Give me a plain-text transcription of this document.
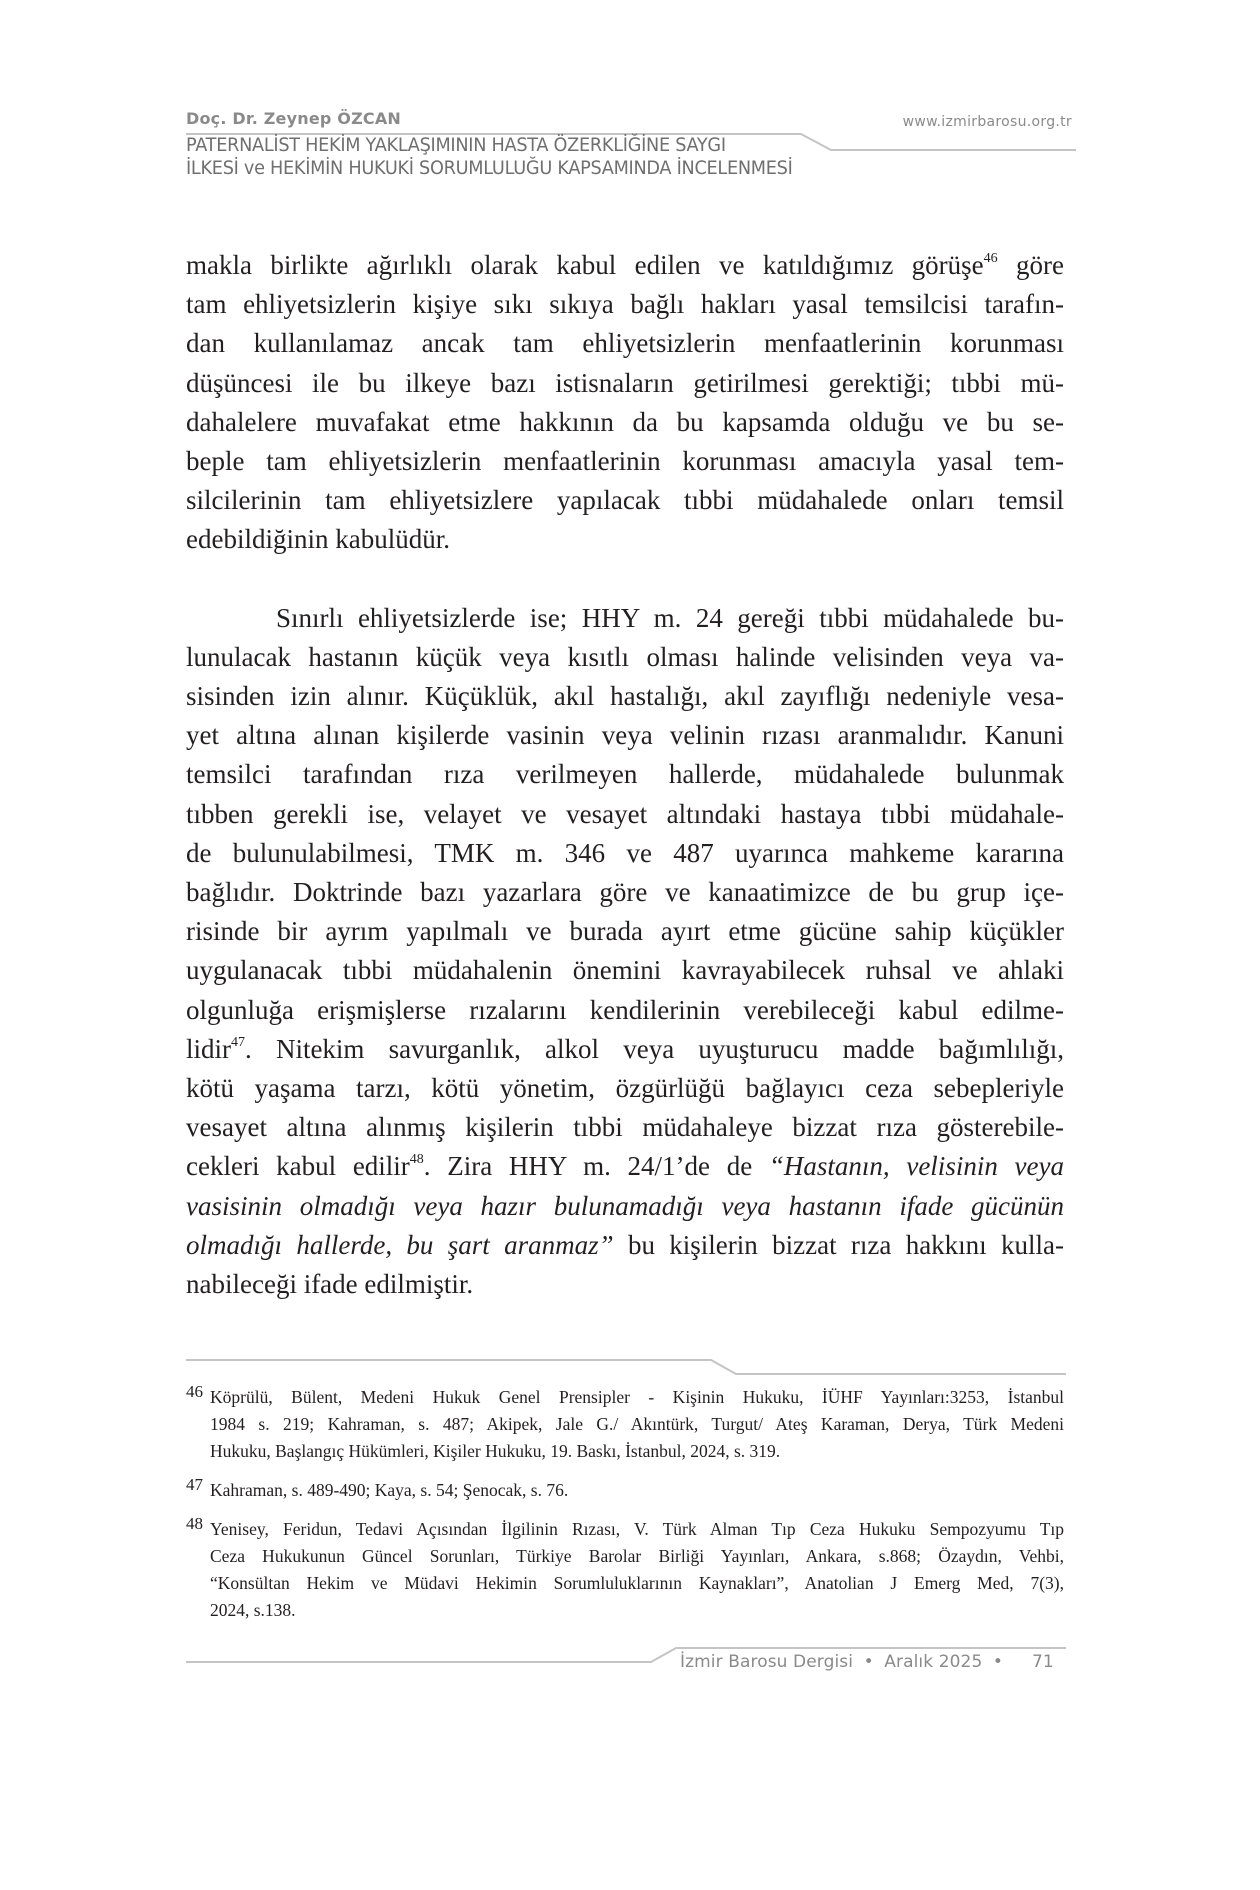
Doç. Dr. Zeynep ÖZCAN	www.izmirbarosu.org.tr
PATERNALİST HEKİM YAKLAŞIMININ HASTA ÖZERKLİĞİNE SAYGI
İLKESİ ve HEKİMİN HUKUKİ SORUMLULUĞU KAPSAMINDA İNCELENMESİ

makla birlikte ağırlıklı olarak kabul edilen ve katıldığımız görüşe$^{46}$ göre
tam ehliyetsizlerin kişiye sıkı sıkıya bağlı hakları yasal temsilcisi tarafın-
dan kullanılamaz ancak tam ehliyetsizlerin menfaatlerinin korunması
düşüncesi ile bu ilkeye bazı istisnaların getirilmesi gerektiği; tıbbi mü-
dahalelere muvafakat etme hakkının da bu kapsamda olduğu ve bu se-
beple tam ehliyetsizlerin menfaatlerinin korunması amacıyla yasal tem-
silcilerinin tam ehliyetsizlere yapılacak tıbbi müdahalede onları temsil
edebildiğinin kabulüdür.

Sınırlı ehliyetsizlerde ise; HHY m. 24 gereği tıbbi müdahalede bu-
lunulacak hastanın küçük veya kısıtlı olması halinde velisinden veya va-
sisinden izin alınır. Küçüklük, akıl hastalığı, akıl zayıflığı nedeniyle vesa-
yet altına alınan kişilerde vasinin veya velinin rızası aranmalıdır. Kanuni
temsilci tarafından rıza verilmeyen hallerde, müdahalede bulunmak
tıbben gerekli ise, velayet ve vesayet altındaki hastaya tıbbi müdahale-
de bulunulabilmesi, TMK m. 346 ve 487 uyarınca mahkeme kararına
bağlıdır. Doktrinde bazı yazarlara göre ve kanaatimizce de bu grup içe-
risinde bir ayrım yapılmalı ve burada ayırt etme gücüne sahip küçükler
uygulanacak tıbbi müdahalenin önemini kavrayabilecek ruhsal ve ahlaki
olgunluğa erişmişlerse rızalarını kendilerinin verebileceği kabul edilme-
lidir$^{47}$. Nitekim savurganlık, alkol veya uyuşturucu madde bağımlılığı,
kötü yaşama tarzı, kötü yönetim, özgürlüğü bağlayıcı ceza sebepleriyle
vesayet altına alınmış kişilerin tıbbi müdahaleye bizzat rıza gösterebile-
cekleri kabul edilir$^{48}$. Zira HHY m. 24/1’de de “Hastanın, velisinin veya
vasisinin olmadığı veya hazır bulunamadığı veya hastanın ifade gücünün
olmadığı hallerde, bu şart aranmaz” bu kişilerin bizzat rıza hakkını kulla-
nabileceği ifade edilmiştir.

46 Köprülü, Bülent, Medeni Hukuk Genel Prensipler - Kişinin Hukuku, İÜHF Yayınları:3253, İstanbul
1984 s. 219; Kahraman, s. 487; Akipek, Jale G./ Akıntürk, Turgut/ Ateş Karaman, Derya, Türk Medeni
Hukuku, Başlangıç Hükümleri, Kişiler Hukuku, 19. Baskı, İstanbul, 2024, s. 319.
47 Kahraman, s. 489-490; Kaya, s. 54; Şenocak, s. 76.
48 Yenisey, Feridun, Tedavi Açısından İlgilinin Rızası, V. Türk Alman Tıp Ceza Hukuku Sempozyumu Tıp
Ceza Hukukunun Güncel Sorunları, Türkiye Barolar Birliği Yayınları, Ankara, s.868; Özaydın, Vehbi,
“Konsültan Hekim ve Müdavi Hekimin Sorumluluklarının Kaynakları”, Anatolian J Emerg Med, 7(3),
2024, s.138.
İzmir Barosu Dergisi • Aralık 2025 • 71
